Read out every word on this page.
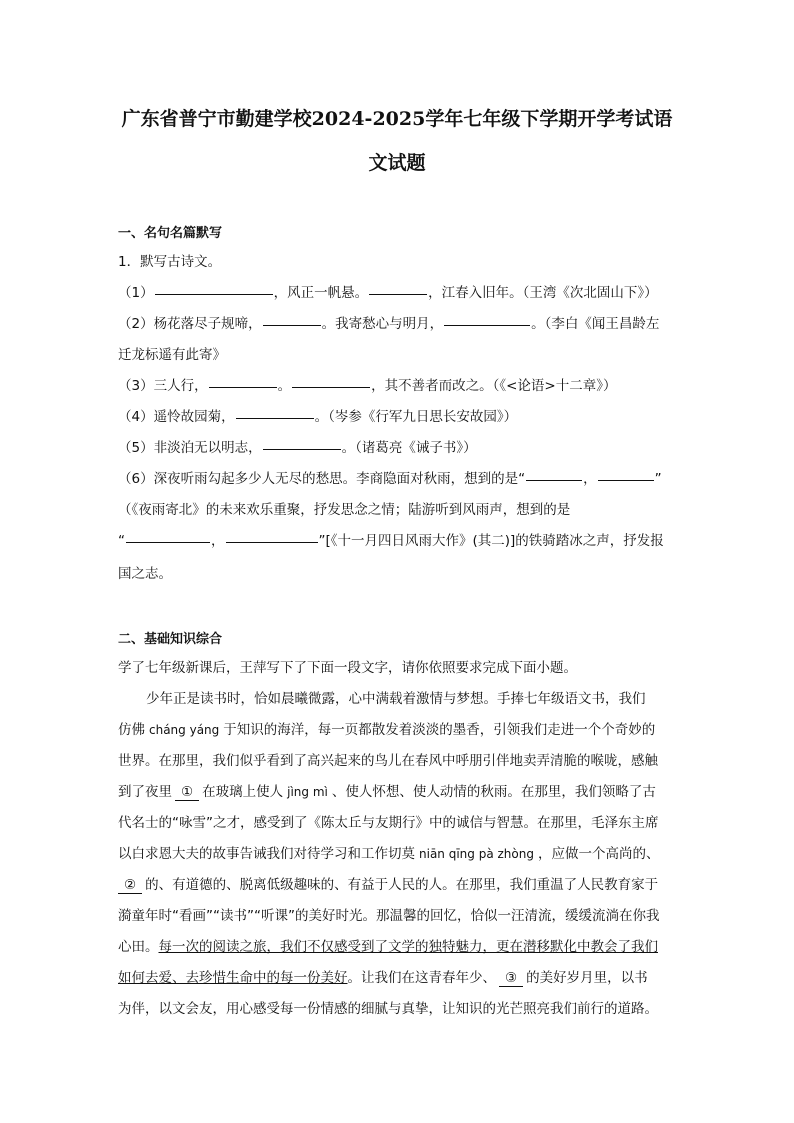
广东省普宁市勤建学校2024-2025学年七年级下学期开学考试语
文试题
一、名句名篇默写
1．默写古诗文。
（1）	，风正一帆悬。	，江春入旧年。（王湾《次北固山下》）
（2）杨花落尽子规啼，	。我寄愁心与明月，	。（李白《闻王昌龄左
迁龙标遥有此寄》
（3）三人行，	。	，其不善者而改之。（《<论语>十二章》）
（4）遥怜故园菊，	。（岑参《行军九日思长安故园》）
（5）非淡泊无以明志，	。（诸葛亮《诫子书》）
（6）深夜听雨勾起多少人无尽的愁思。李商隐面对秋雨，想到的是“	，	”
（《夜雨寄北》的未来欢乐重聚，抒发思念之情；陆游听到风雨声，想到的是
“	，	”[《十一月四日风雨大作》(其二)]的铁骑踏冰之声，抒发报
国之志。
二、基础知识综合
学了七年级新课后，王萍写下了下面一段文字，请你依照要求完成下面小题。
少年正是读书时，恰如晨曦微露，心中满载着激情与梦想。手捧七年级语文书，我们
仿佛 cháng yáng 于知识的海洋，每一页都散发着淡淡的墨香，引领我们走进一个个奇妙的
世界。在那里，我们似乎看到了高兴起来的鸟儿在春风中呼朋引伴地卖弄清脆的喉咙，感触
到了夜里 ① 在玻璃上使人 jìng mì 、使人怀想、使人动情的秋雨。在那里，我们领略了古
代名士的“咏雪”之才，感受到了《陈太丘与友期行》中的诚信与智慧。在那里，毛泽东主席
以白求恩大夫的故事告诫我们对待学习和工作切莫 niān qīng pà zhòng ，应做一个高尚的、
② 的、有道德的、脱离低级趣味的、有益于人民的人。在那里，我们重温了人民教育家于
漪童年时“看画”“读书”“听课”的美好时光。那温馨的回忆，恰似一汪清流，缓缓流淌在你我
心田。每一次的阅读之旅，我们不仅感受到了文学的独特魅力，更在潜移默化中教会了我们
如何去爱、去珍惜生命中的每一份美好。让我们在这青春年少、 ③ 的美好岁月里，以书
为伴，以文会友，用心感受每一份情感的细腻与真挚，让知识的光芒照亮我们前行的道路。
